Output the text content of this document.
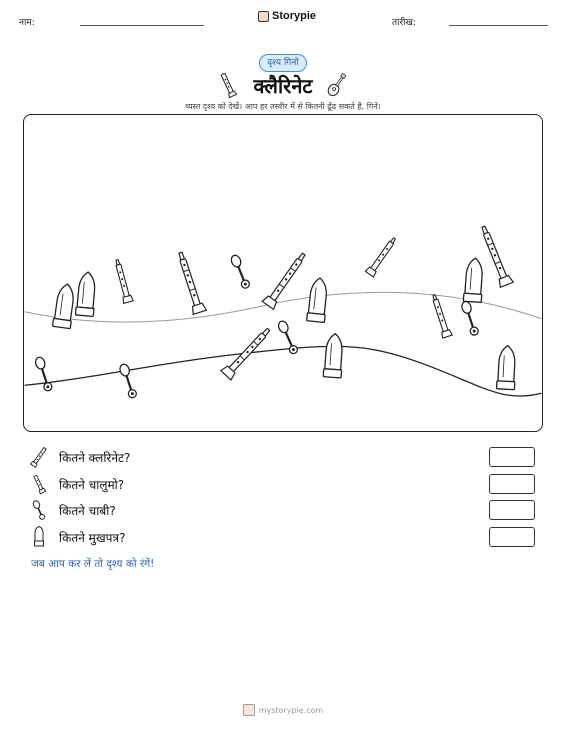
नाम:
Storypie
तारीख:
दृश्य गिनो
क्लैरिनेट

व्यस्त दृश्य को देखें। आप हर तस्वीर में से कितनी ढूँढ सकते हैं, गिनें।

कितने क्लरिनेट?
कितने चालुमो?
कितने चाबी?
कितने मुखपत्र?

जब आप कर लें तो दृश्य को रंगें!

mystorypie.com
